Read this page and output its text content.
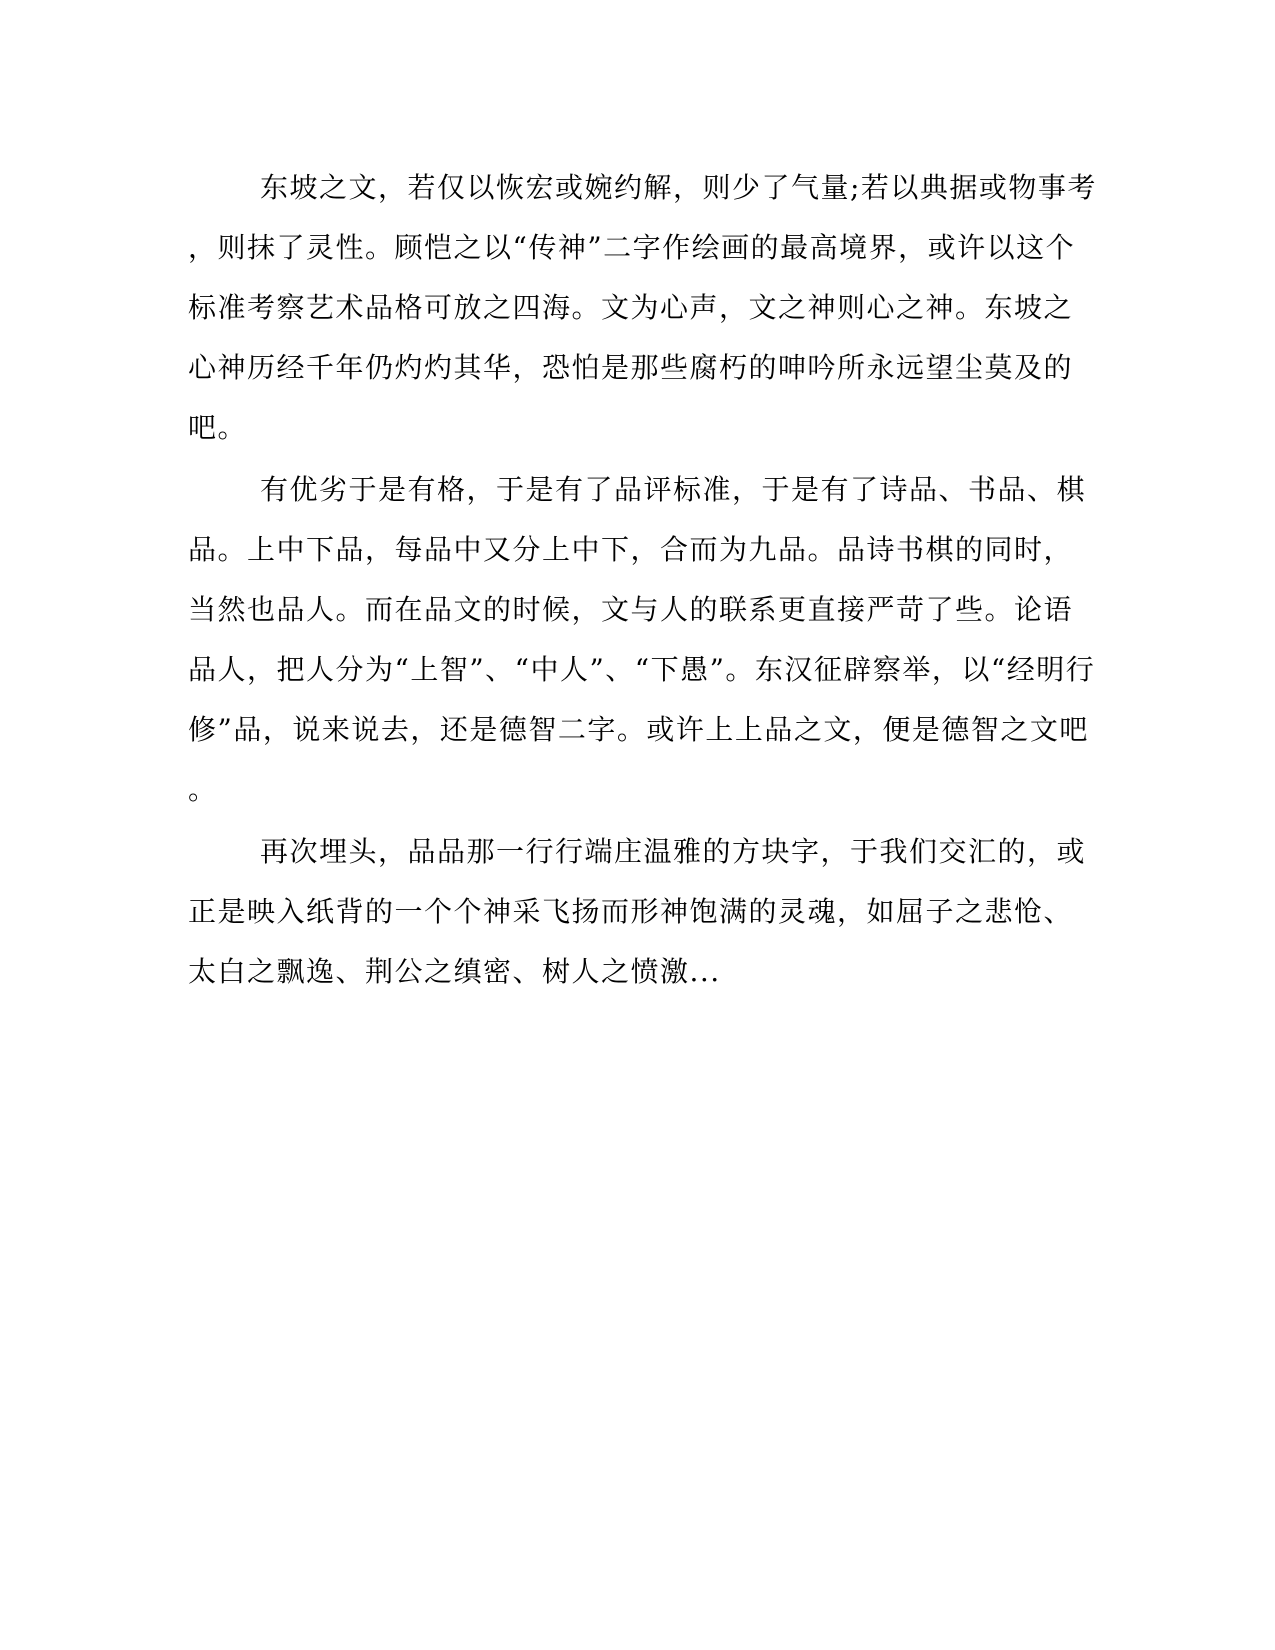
东坡之文，若仅以恢宏或婉约解，则少了气量;若以典据或物事考
，则抹了灵性。顾恺之以“传神”二字作绘画的最高境界，或许以这个
标准考察艺术品格可放之四海。文为心声，文之神则心之神。东坡之
心神历经千年仍灼灼其华，恐怕是那些腐朽的呻吟所永远望尘莫及的
吧。
有优劣于是有格，于是有了品评标准，于是有了诗品、书品、棋
品。上中下品，每品中又分上中下，合而为九品。品诗书棋的同时，
当然也品人。而在品文的时候，文与人的联系更直接严苛了些。论语
品人，把人分为“上智”、“中人”、“下愚”。东汉征辟察举，以“经明行
修”品，说来说去，还是德智二字。或许上上品之文，便是德智之文吧
。
再次埋头，品品那一行行端庄温雅的方块字，于我们交汇的，或
正是映入纸背的一个个神采飞扬而形神饱满的灵魂，如屈子之悲怆、
太白之飘逸、荆公之缜密、树人之愤激...
